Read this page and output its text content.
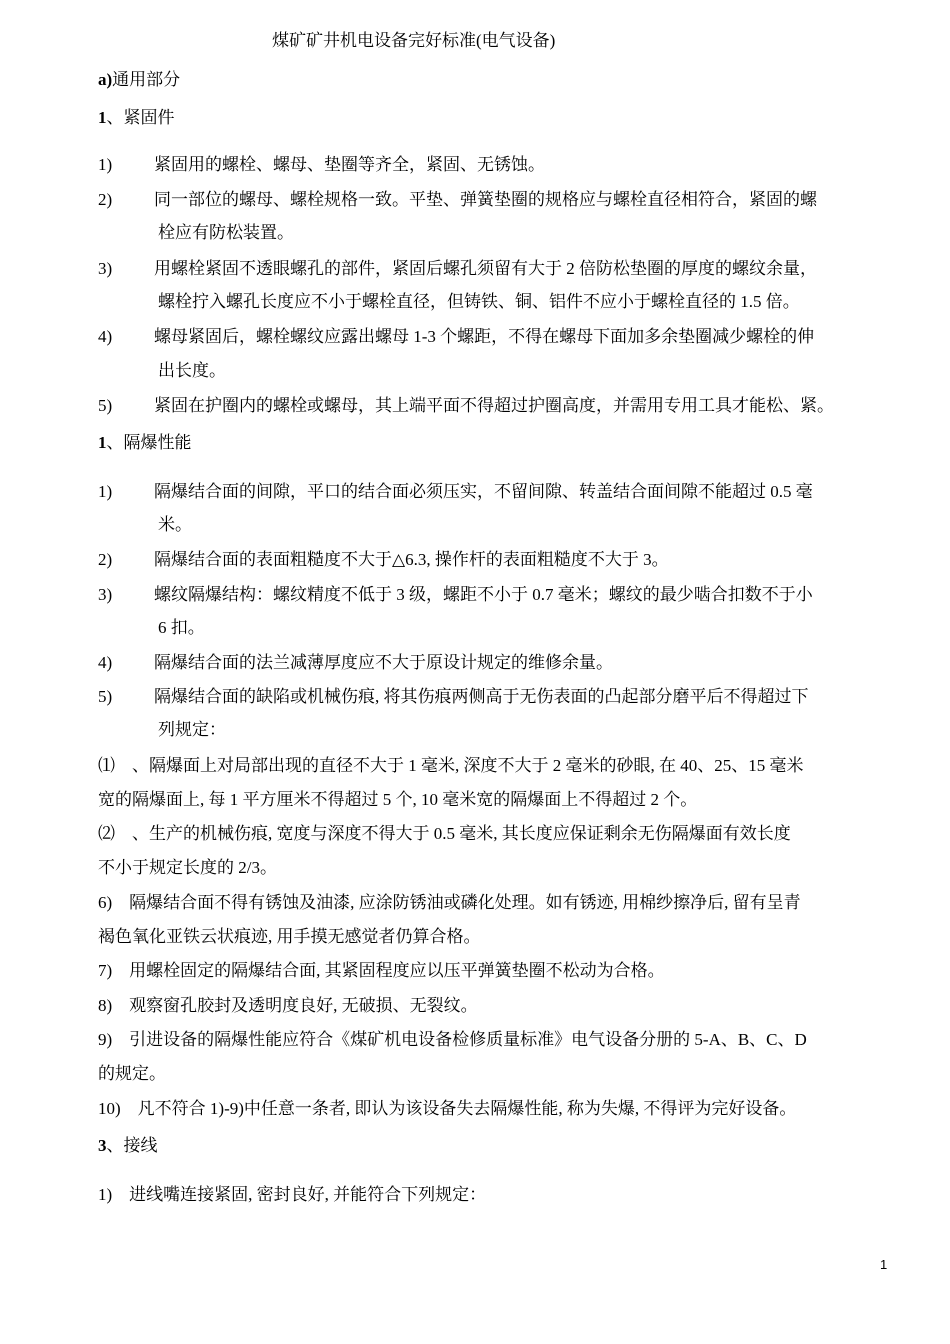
煤矿矿井机电设备完好标准(电气设备)
a)通用部分
1、紧固件
1) 紧固用的螺栓、螺母、垫圈等齐全，紧固、无锈蚀。
2) 同一部位的螺母、螺栓规格一致。平垫、弹簧垫圈的规格应与螺栓直径相符合，紧固的螺
栓应有防松装置。
3) 用螺栓紧固不透眼螺孔的部件，紧固后螺孔须留有大于 2 倍防松垫圈的厚度的螺纹余量，
螺栓拧入螺孔长度应不小于螺栓直径，但铸铁、铜、铝件不应小于螺栓直径的 1.5 倍。
4) 螺母紧固后，螺栓螺纹应露出螺母 1-3 个螺距，不得在螺母下面加多余垫圈减少螺栓的伸
出长度。
5) 紧固在护圈内的螺栓或螺母，其上端平面不得超过护圈高度，并需用专用工具才能松、紧。
1、隔爆性能
1) 隔爆结合面的间隙，平口的结合面必须压实，不留间隙、转盖结合面间隙不能超过 0.5 毫
米。
2) 隔爆结合面的表面粗糙度不大于△6.3, 操作杆的表面粗糙度不大于 3。
3) 螺纹隔爆结构：螺纹精度不低于 3 级，螺距不小于 0.7 毫米；螺纹的最少啮合扣数不于小
6 扣。
4) 隔爆结合面的法兰减薄厚度应不大于原设计规定的维修余量。
5) 隔爆结合面的缺陷或机械伤痕, 将其伤痕两侧高于无伤表面的凸起部分磨平后不得超过下
列规定：
⑴　、隔爆面上对局部出现的直径不大于 1 毫米, 深度不大于 2 毫米的砂眼, 在 40、25、15 毫米
宽的隔爆面上, 每 1 平方厘米不得超过 5 个, 10 毫米宽的隔爆面上不得超过 2 个。
⑵　、生产的机械伤痕, 宽度与深度不得大于 0.5 毫米, 其长度应保证剩余无伤隔爆面有效长度
不小于规定长度的 2/3。
6)　隔爆结合面不得有锈蚀及油漆, 应涂防锈油或磷化处理。如有锈迹, 用棉纱擦净后, 留有呈青
褐色氧化亚铁云状痕迹, 用手摸无感觉者仍算合格。
7)　用螺栓固定的隔爆结合面, 其紧固程度应以压平弹簧垫圈不松动为合格。
8)　观察窗孔胶封及透明度良好, 无破损、无裂纹。
9)　引进设备的隔爆性能应符合《煤矿机电设备检修质量标准》电气设备分册的 5-A、B、C、D
的规定。
10)　凡不符合 1)-9)中任意一条者, 即认为该设备失去隔爆性能, 称为失爆, 不得评为完好设备。
3、接线
1)　进线嘴连接紧固, 密封良好, 并能符合下列规定：
1
